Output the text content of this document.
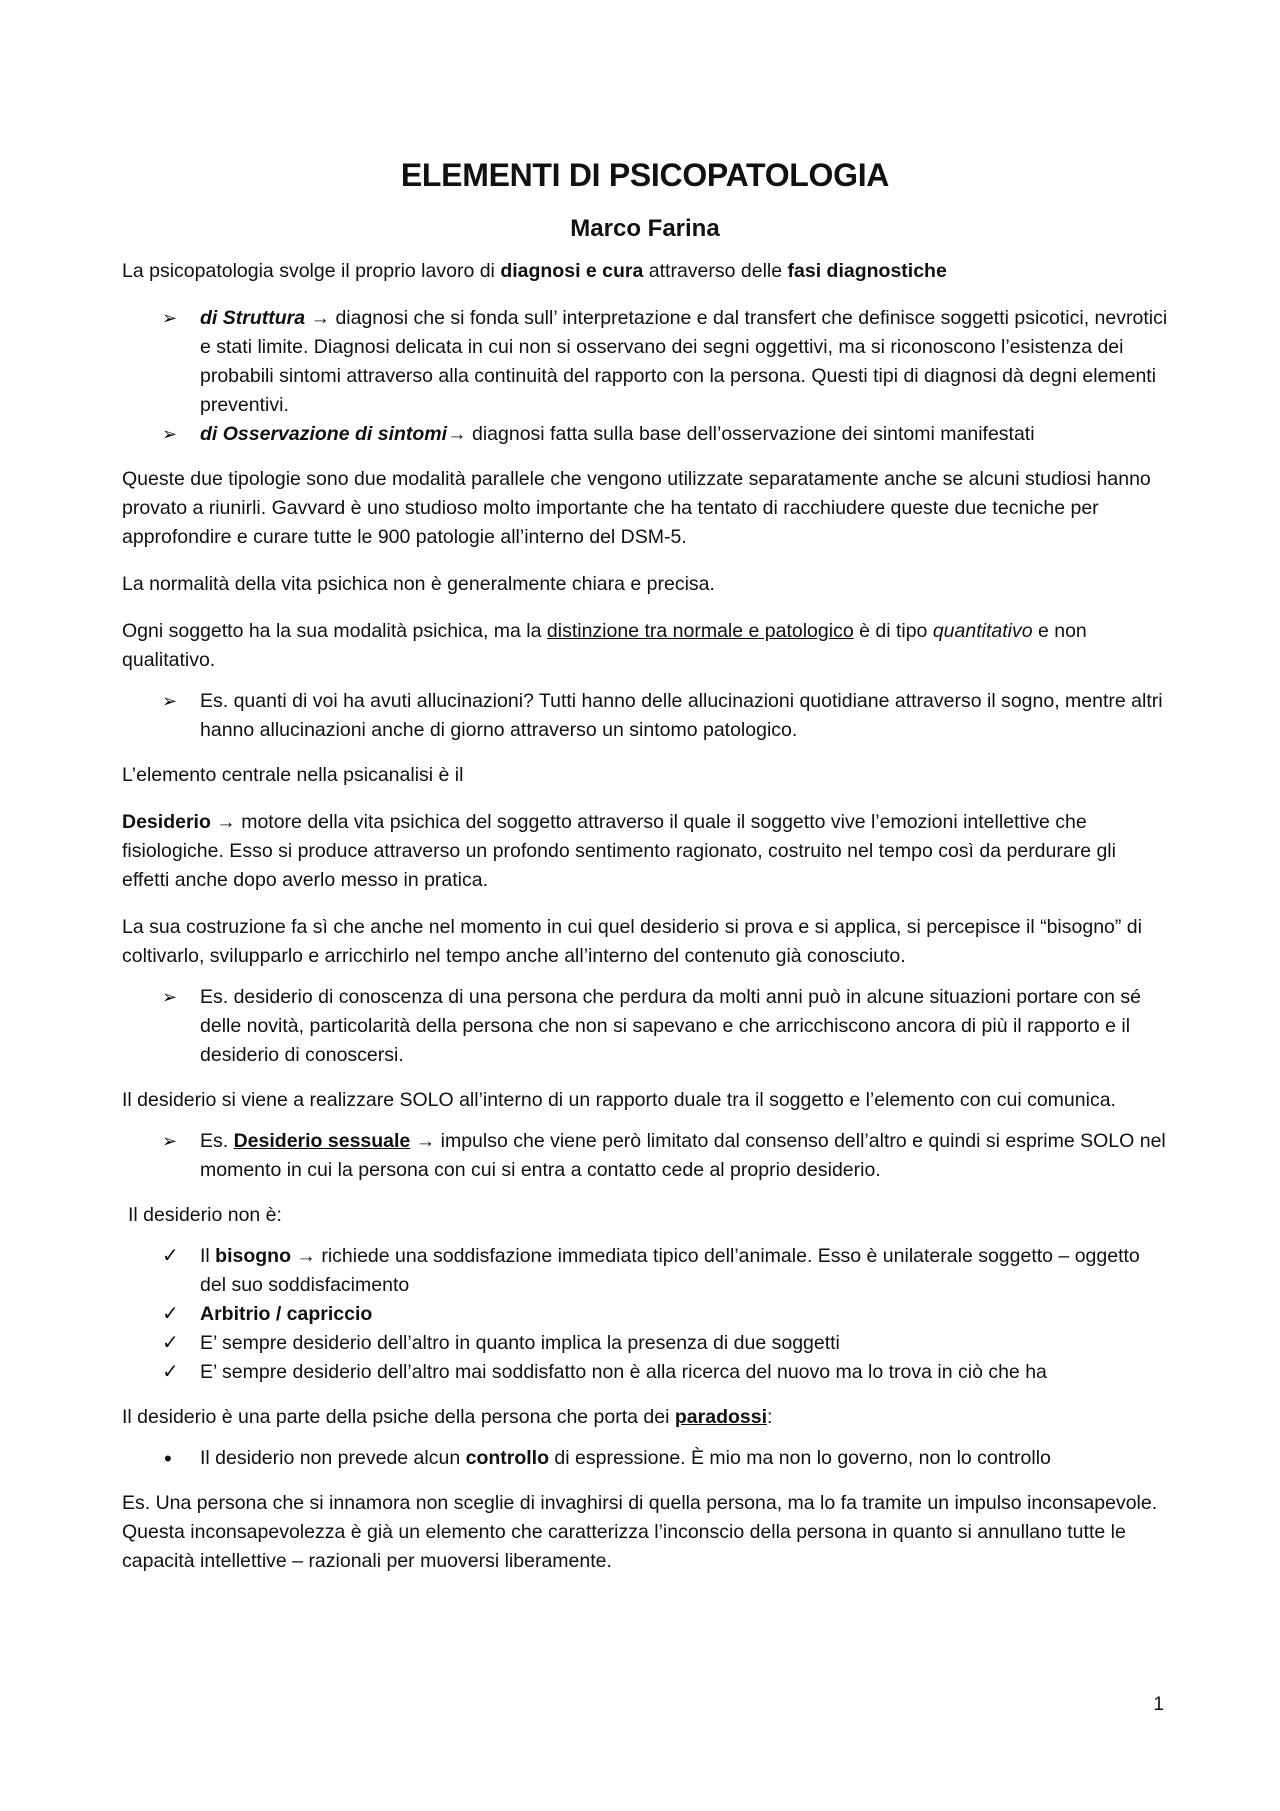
ELEMENTI DI PSICOPATOLOGIA
Marco Farina

La psicopatologia svolge il proprio lavoro di diagnosi e cura attraverso delle fasi diagnostiche

➢	di Struttura → diagnosi che si fonda sull’ interpretazione e dal transfert che definisce soggetti psicotici, nevrotici e stati limite. Diagnosi delicata in cui non si osservano dei segni oggettivi, ma si riconoscono l’esistenza dei probabili sintomi attraverso alla continuità del rapporto con la persona. Questi tipi di diagnosi dà degni elementi preventivi.
➢	di Osservazione di sintomi→ diagnosi fatta sulla base dell’osservazione dei sintomi manifestati

Queste due tipologie sono due modalità parallele che vengono utilizzate separatamente anche se alcuni studiosi hanno provato a riunirli. Gavvard è uno studioso molto importante che ha tentato di racchiudere queste due tecniche per approfondire e curare tutte le 900 patologie all’interno del DSM-5.

La normalità della vita psichica non è generalmente chiara e precisa.

Ogni soggetto ha la sua modalità psichica, ma la distinzione tra normale e patologico è di tipo quantitativo e non qualitativo.

➢	Es. quanti di voi ha avuti allucinazioni? Tutti hanno delle allucinazioni quotidiane attraverso il sogno, mentre altri hanno allucinazioni anche di giorno attraverso un sintomo patologico.

L’elemento centrale nella psicanalisi è il

Desiderio → motore della vita psichica del soggetto attraverso il quale il soggetto vive l’emozioni intellettive che fisiologiche. Esso si produce attraverso un profondo sentimento ragionato, costruito nel tempo così da perdurare gli effetti anche dopo averlo messo in pratica.

La sua costruzione fa sì che anche nel momento in cui quel desiderio si prova e si applica, si percepisce il “bisogno” di coltivarlo, svilupparlo e arricchirlo nel tempo anche all’interno del contenuto già conosciuto.

➢	Es. desiderio di conoscenza di una persona che perdura da molti anni può in alcune situazioni portare con sé delle novità, particolarità della persona che non si sapevano e che arricchiscono ancora di più il rapporto e il desiderio di conoscersi.

Il desiderio si viene a realizzare SOLO all’interno di un rapporto duale tra il soggetto e l’elemento con cui comunica.

➢	Es. Desiderio sessuale → impulso che viene però limitato dal consenso dell’altro e quindi si esprime SOLO nel momento in cui la persona con cui si entra a contatto cede al proprio desiderio.

Il desiderio non è:

✓	Il bisogno → richiede una soddisfazione immediata tipico dell’animale. Esso è unilaterale soggetto – oggetto del suo soddisfacimento
✓	Arbitrio / capriccio
✓	E’ sempre desiderio dell’altro in quanto implica la presenza di due soggetti
✓	E’ sempre desiderio dell’altro mai soddisfatto non è alla ricerca del nuovo ma lo trova in ciò che ha

Il desiderio è una parte della psiche della persona che porta dei paradossi:

•	Il desiderio non prevede alcun controllo di espressione. È mio ma non lo governo, non lo controllo

Es. Una persona che si innamora non sceglie di invaghirsi di quella persona, ma lo fa tramite un impulso inconsapevole. Questa inconsapevolezza è già un elemento che caratterizza l’inconscio della persona in quanto si annullano tutte le capacità intellettive – razionali per muoversi liberamente.

1
